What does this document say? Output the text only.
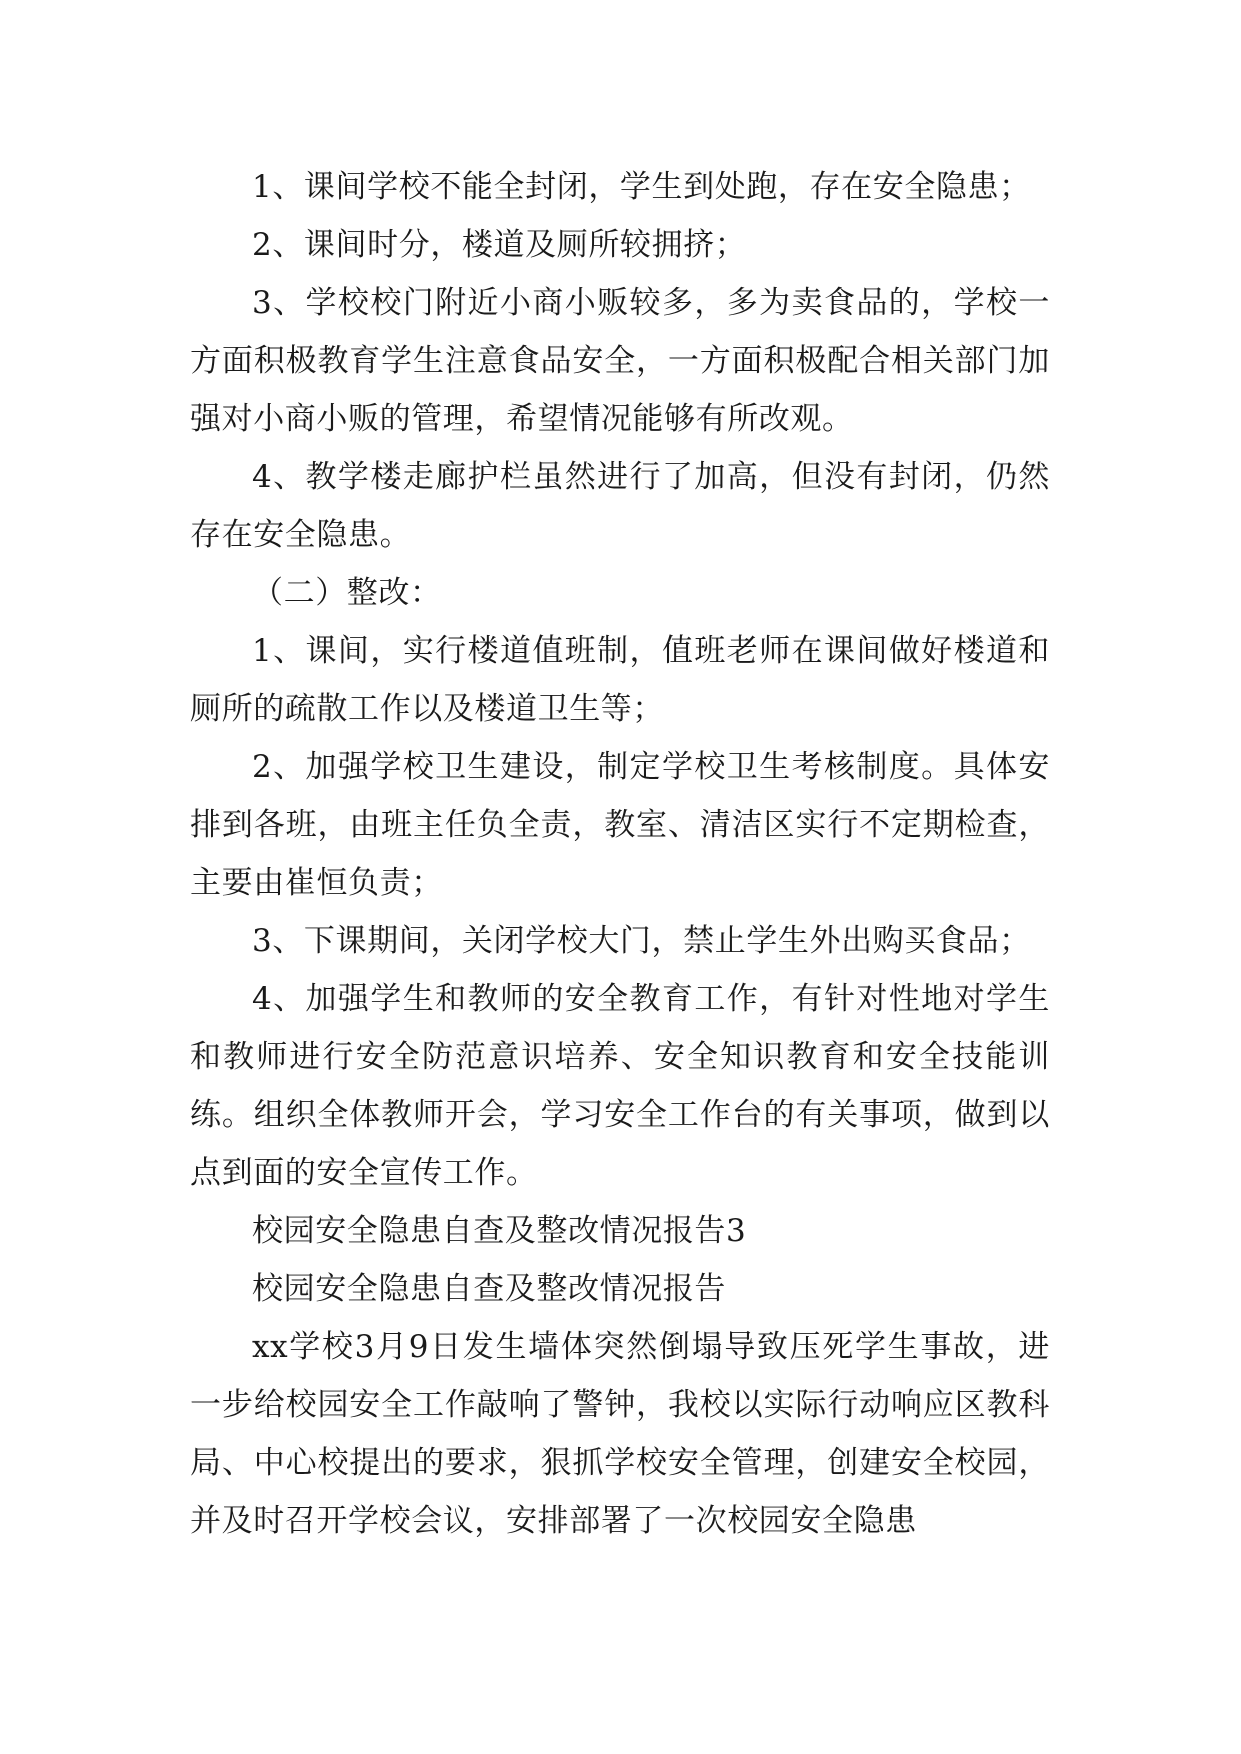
1、课间学校不能全封闭，学生到处跑，存在安全隐患；

2、课间时分，楼道及厕所较拥挤；

3、学校校门附近小商小贩较多，多为卖食品的，学校一方面积极教育学生注意食品安全，一方面积极配合相关部门加强对小商小贩的管理，希望情况能够有所改观。

4、教学楼走廊护栏虽然进行了加高，但没有封闭，仍然存在安全隐患。

（二）整改：

1、课间，实行楼道值班制，值班老师在课间做好楼道和厕所的疏散工作以及楼道卫生等；

2、加强学校卫生建设，制定学校卫生考核制度。具体安排到各班，由班主任负全责，教室、清洁区实行不定期检查，主要由崔恒负责；

3、下课期间，关闭学校大门，禁止学生外出购买食品；

4、加强学生和教师的安全教育工作，有针对性地对学生和教师进行安全防范意识培养、安全知识教育和安全技能训练。组织全体教师开会，学习安全工作台的有关事项，做到以点到面的安全宣传工作。

校园安全隐患自查及整改情况报告3

校园安全隐患自查及整改情况报告

xx学校3月9日发生墙体突然倒塌导致压死学生事故，进一步给校园安全工作敲响了警钟，我校以实际行动响应区教科局、中心校提出的要求，狠抓学校安全管理，创建安全校园，并及时召开学校会议，安排部署了一次校园安全隐患
